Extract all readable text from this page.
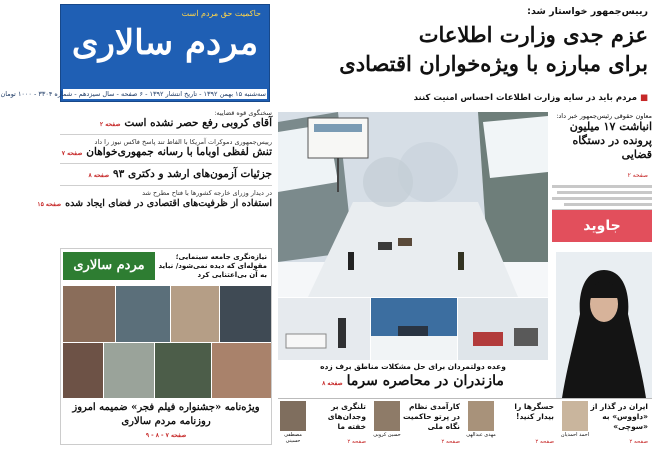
حاکمیت حق مردم است
مردم سالاری
سه‌شنبه ۱۵ بهمن ۱۳۹۲ - تاریخ انتشار ۱۳۹۲ - ۶ صفحه - سال سیزدهم - شماره ۳۳۰۴ - ۱۰۰۰ تومان
رییس‌جمهور خواستار شد:
عزم جدی وزارت اطلاعات
برای مبارزه با ویژه‌خواران اقتصادی
■ مردم باید در سایه وزارت اطلاعات احساس امنیت کنند
سخنگوی قوه قضاییه:
آقای کروبی رفع حصر نشده استصفحه ۲
رییس‌جمهوری دموکرات آمریکا با الفاظ تند پاسخ فاکس نیوز را داد
تنش لفظی اوباما با رسانه جمهوری‌خواهانصفحه ۷
جزئیات آزمون‌های ارشد و دکتری ۹۳صفحه ۸
در دیدار وزرای خارجه کشورها با فتاح مطرح شد
استفاده از ظرفیت‌های اقتصادی در فضای ایجاد شدهصفحه ۱۵
مردم سالاری
نیازه‌نگری جامعه سینمایی؛ مقوله‌ای که دیده نمی‌شود/ نباید به آن بی‌اعتنایی کرد
ویژه‌نامه «جشنواره فیلم فجر» ضمیمه امروز
روزنامه مردم سالاری
صفحه ۷ - ۸ - ۹
وعده دولتمردان برای حل مشکلات مناطق برف زده
مازندران در محاصره سرماصفحه ۸
معاون حقوقی رئیس‌جمهور خبر داد:
انباشت ۱۷ میلیون پرونده در دستگاه قضایی
صفحه ۲
جاوید
ایران در گذار از «داووس» به «سوچی»
احمد احمدیان
صفحه ۲
حسگرها را بیدار کنید!
مهدی عبدالهی
صفحه ۲
کارآمدی نظام در پرتو حاکمیت نگاه ملی
حسین کروبی
صفحه ۲
تلنگری بر وجدان‌های خفته ما
مصطفی حسینی	صفحه ۲
